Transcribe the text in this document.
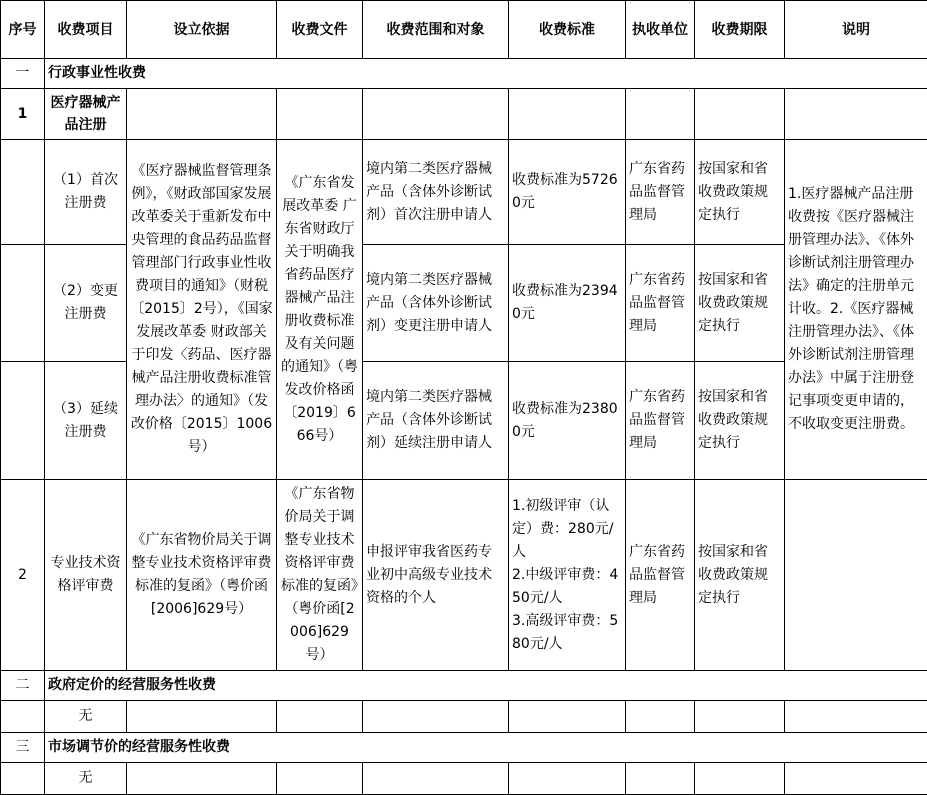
序号	收费项目	设立依据	收费文件	收费范围和对象	收费标准	执收单位	收费期限	说明
一	行政事业性收费							
1	医疗器械产品注册							
	（1）首次注册费	《医疗器械监督管理条例》，《财政部国家发展改革委关于重新发布中央管理的食品药品监督管理部门行政事业性收费项目的通知》（财税〔2015〕2号），《国家发展改革委 财政部关于印发〈药品、医疗器械产品注册收费标准管理办法〉的通知》（发改价格〔2015〕1006号）	《广东省发展改革委 广东省财政厅关于明确我省药品医疗器械产品注册收费标准及有关问题的通知》（粤发改价格函〔2019〕666号）	境内第二类医疗器械产品（含体外诊断试剂）首次注册申请人	收费标准为57260元	广东省药品监督管理局	按国家和省收费政策规定执行	1.医疗器械产品注册收费按《医疗器械注册管理办法》、《体外诊断试剂注册管理办法》确定的注册单元计收。2.《医疗器械注册管理办法》、《体外诊断试剂注册管理办法》中属于注册登记事项变更申请的，不收取变更注册费。
	（2）变更注册费			境内第二类医疗器械产品（含体外诊断试剂）变更注册申请人	收费标准为23940元	广东省药品监督管理局	按国家和省收费政策规定执行	
	（3）延续注册费			境内第二类医疗器械产品（含体外诊断试剂）延续注册申请人	收费标准为23800元	广东省药品监督管理局	按国家和省收费政策规定执行	
2	专业技术资格评审费	《广东省物价局关于调整专业技术资格评审费标准的复函》（粤价函[2006]629号）	《广东省物价局关于调整专业技术资格评审费标准的复函》（粤价函[2006]629号）	申报评审我省医药专业初中高级专业技术资格的个人	1.初级评审（认定）费：280元/人
2.中级评审费：450元/人
3.高级评审费：580元/人	广东省药品监督管理局	按国家和省收费政策规定执行	
二	政府定价的经营服务性收费							
	无							
三	市场调节价的经营服务性收费							
	无							
